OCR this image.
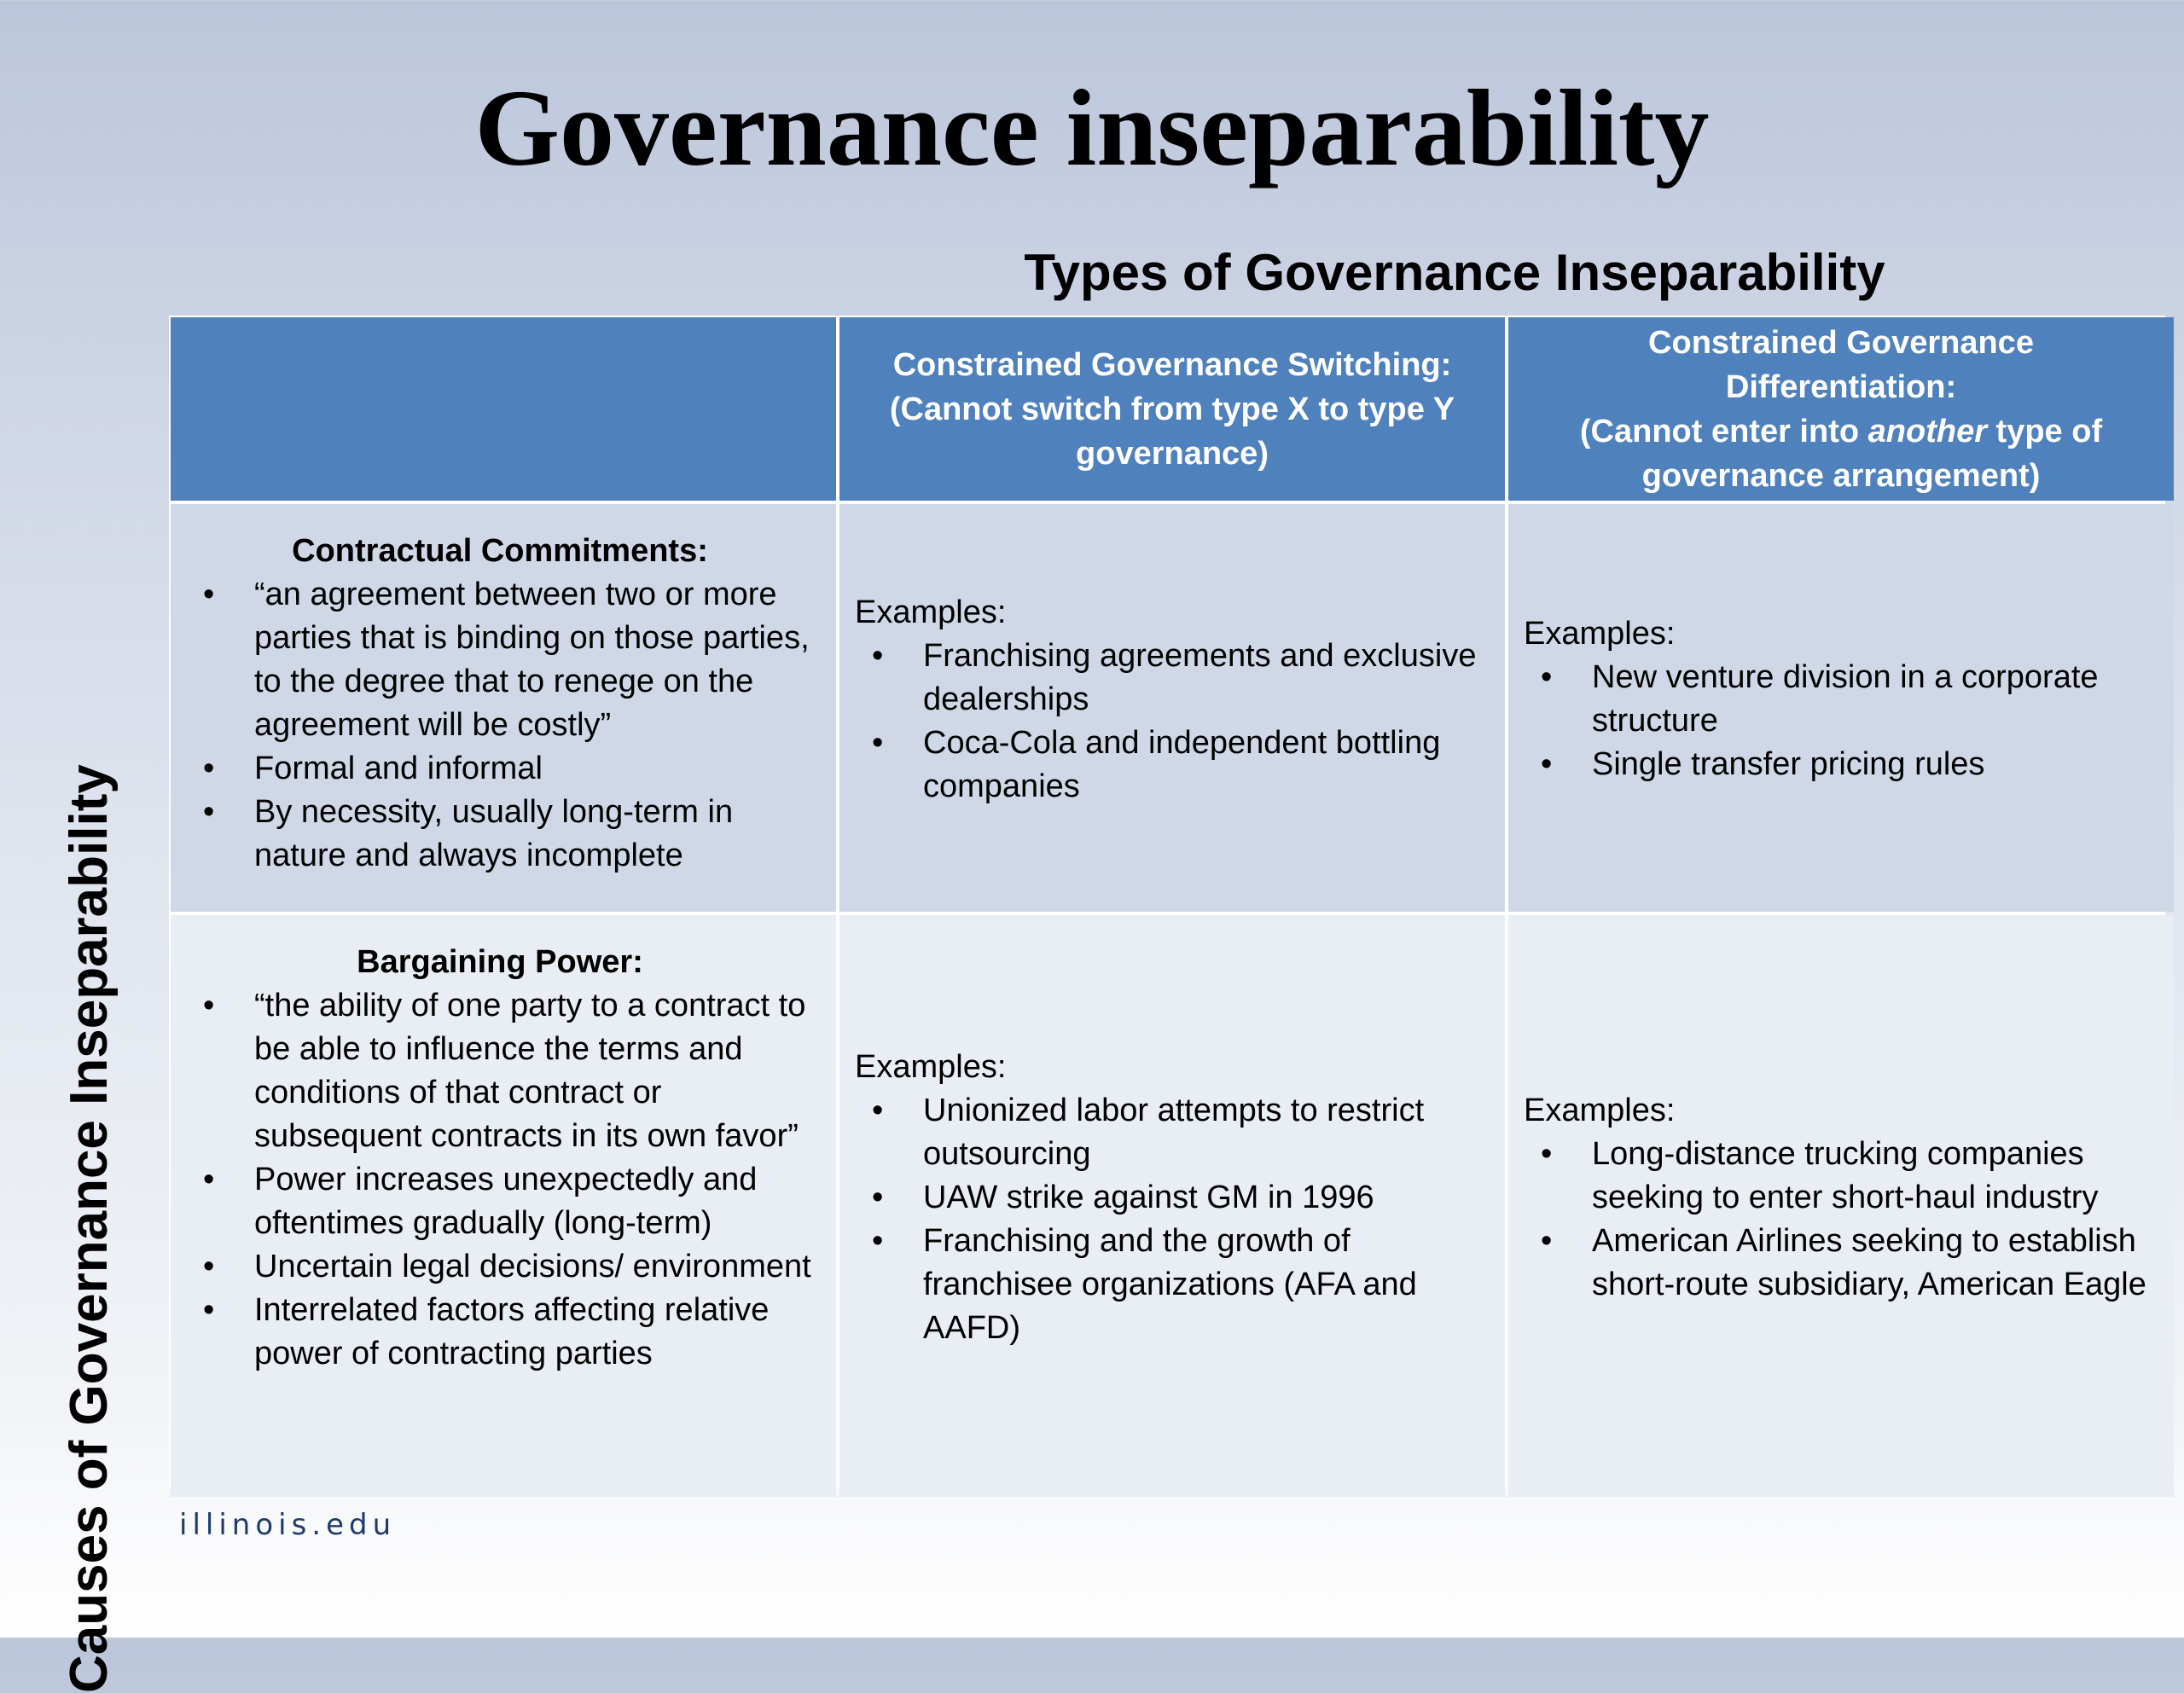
Governance inseparability
Types of Governance Inseparability
Causes of Governance Inseparability
Constrained Governance Switching:
(Cannot switch from type X to type Y governance)
Constrained Governance Differentiation:
(Cannot enter into another type of governance arrangement)
Contractual Commitments:
• “an agreement between two or more parties that is binding on those parties, to the degree that to renege on the agreement will be costly”
• Formal and informal
• By necessity, usually long-term in nature and always incomplete
Examples:
• Franchising agreements and exclusive dealerships
• Coca-Cola and independent bottling companies
Examples:
• New venture division in a corporate structure
• Single transfer pricing rules
Bargaining Power:
• “the ability of one party to a contract to be able to influence the terms and conditions of that contract or subsequent contracts in its own favor”
• Power increases unexpectedly and oftentimes gradually (long-term)
• Uncertain legal decisions/ environment
• Interrelated factors affecting relative power of contracting parties
Examples:
• Unionized labor attempts to restrict outsourcing
• UAW strike against GM in 1996
• Franchising and the growth of franchisee organizations (AFA and AAFD)
Examples:
• Long-distance trucking companies seeking to enter short-haul industry
• American Airlines seeking to establish short-route subsidiary, American Eagle
illinois.edu
